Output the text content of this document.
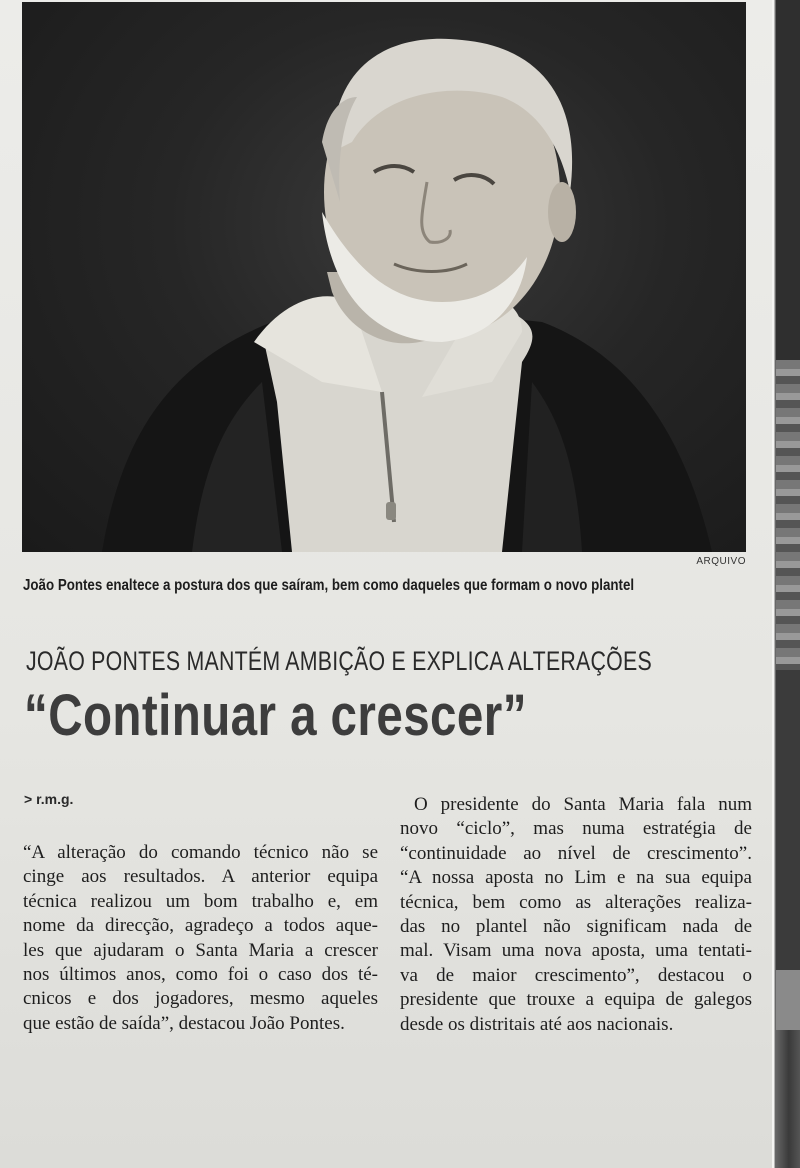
ARQUIVO
João Pontes enaltece a postura dos que saíram, bem como daqueles que formam o novo plantel
JOÃO PONTES MANTÉM AMBIÇÃO E EXPLICA ALTERAÇÕES
“Continuar a crescer”
> r.m.g.
“A alteração do comando técnico não se
cinge aos resultados. A anterior equipa
técnica realizou um bom trabalho e, em
nome da direcção, agradeço a todos aque-
les que ajudaram o Santa Maria a crescer
nos últimos anos, como foi o caso dos té-
cnicos e dos jogadores, mesmo aqueles
que estão de saída”, destacou João Pontes.
O presidente do Santa Maria fala num
novo “ciclo”, mas numa estratégia de
“continuidade ao nível de crescimento”.
“A nossa aposta no Lim e na sua equipa
técnica, bem como as alterações realiza-
das no plantel não significam nada de
mal. Visam uma nova aposta, uma tentati-
va de maior crescimento”, destacou o
presidente que trouxe a equipa de galegos
desde os distritais até aos nacionais.
